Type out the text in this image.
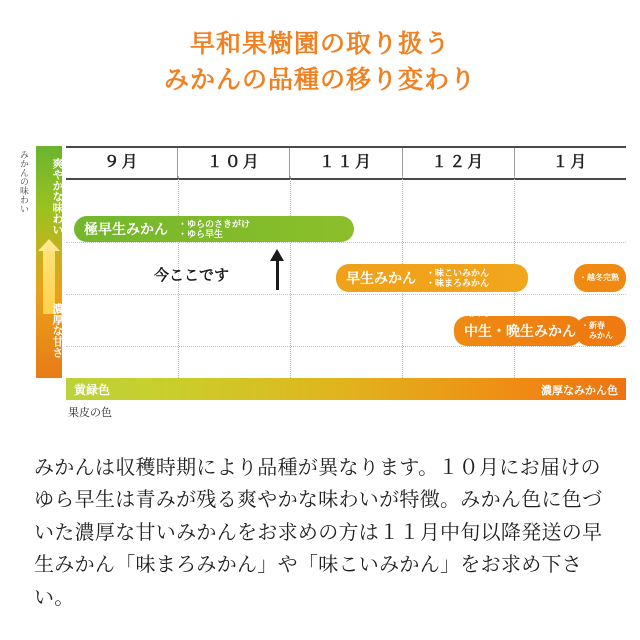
早和果樹園の取り扱う
みかんの品種の移り変わり
みかんの味わい	爽やかな味わい
濃厚な甘さ
９月	１０月	１１月	１２月	１月
ごくわせ
極早生みかん ・ゆらのさきがけ
・ゆら早生
わせ
早生みかん ・味こいみかん
・味まろみかん
・越冬完熟
おくて
中生・晩生みかん ・新春
　みかん
今ここです
黄緑色	濃厚なみかん色
果皮の色
みかんは収穫時期により品種が異なります。１０月にお届けのゆら早生は青みが残る爽やかな味わいが特徴。みかん色に色づいた濃厚な甘いみかんをお求めの方は１１月中旬以降発送の早生みかん「味まろみかん」や「味こいみかん」をお求め下さい。
